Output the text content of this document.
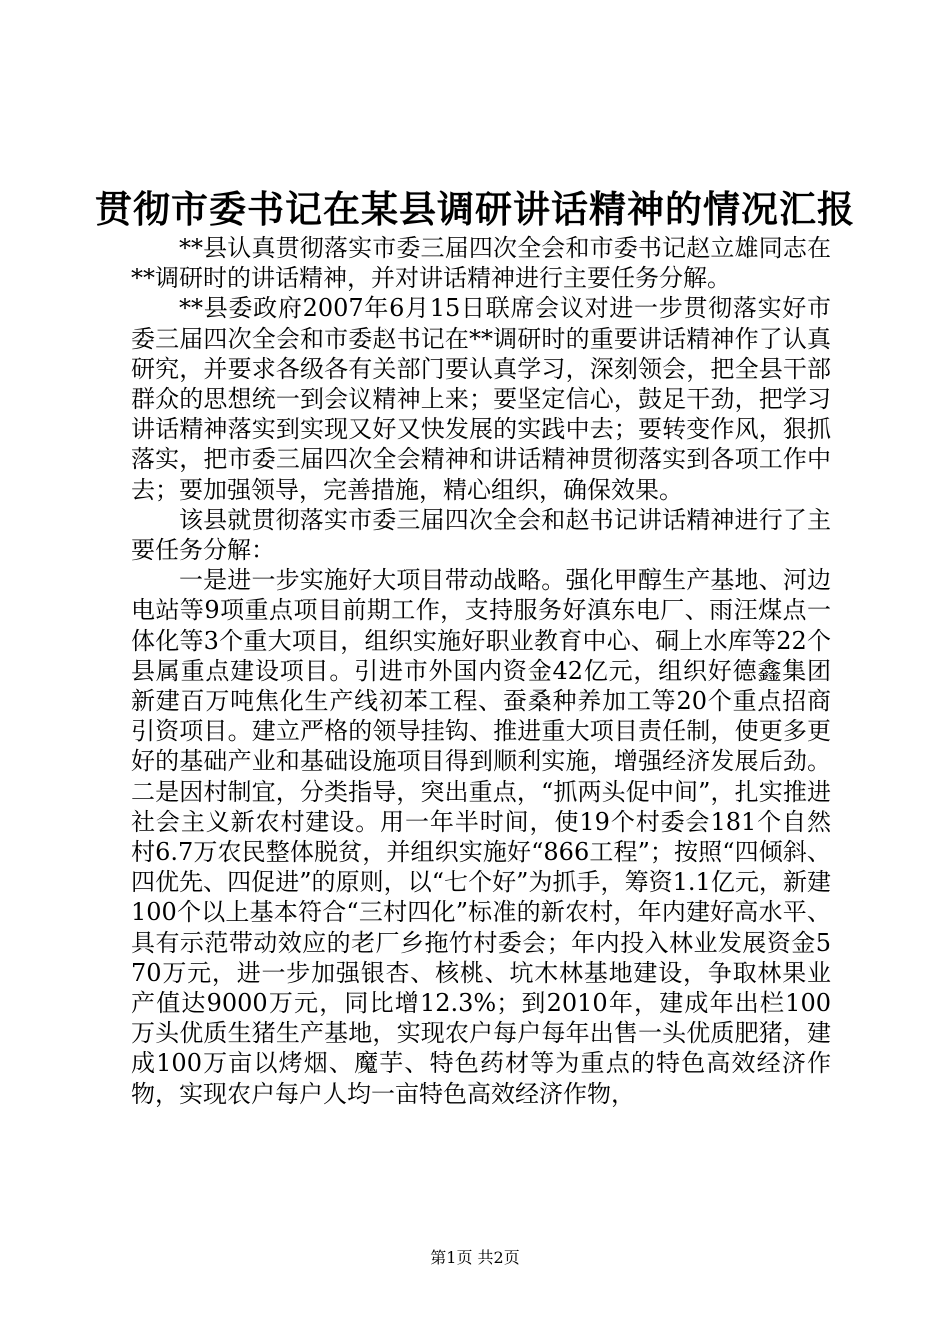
贯彻市委书记在某县调研讲话精神的情况汇报

**县认真贯彻落实市委三届四次全会和市委书记赵立雄同志在**调研时的讲话精神，并对讲话精神进行主要任务分解。

**县委政府2007年6月15日联席会议对进一步贯彻落实好市委三届四次全会和市委赵书记在**调研时的重要讲话精神作了认真研究，并要求各级各有关部门要认真学习，深刻领会，把全县干部群众的思想统一到会议精神上来；要坚定信心，鼓足干劲，把学习讲话精神落实到实现又好又快发展的实践中去；要转变作风，狠抓落实，把市委三届四次全会精神和讲话精神贯彻落实到各项工作中去；要加强领导，完善措施，精心组织，确保效果。

该县就贯彻落实市委三届四次全会和赵书记讲话精神进行了主要任务分解：

一是进一步实施好大项目带动战略。强化甲醇生产基地、河边电站等9项重点项目前期工作，支持服务好滇东电厂、雨汪煤点一体化等3个重大项目，组织实施好职业教育中心、硐上水库等22个县属重点建设项目。引进市外国内资金42亿元，组织好德鑫集团新建百万吨焦化生产线初苯工程、蚕桑种养加工等20个重点招商引资项目。建立严格的领导挂钩、推进重大项目责任制，使更多更好的基础产业和基础设施项目得到顺利实施，增强经济发展后劲。二是因村制宜，分类指导，突出重点，“抓两头促中间”，扎实推进社会主义新农村建设。用一年半时间，使19个村委会181个自然村6.7万农民整体脱贫，并组织实施好“866工程”；按照“四倾斜、四优先、四促进”的原则，以“七个好”为抓手，筹资1.1亿元，新建100个以上基本符合“三村四化”标准的新农村，年内建好高水平、具有示范带动效应的老厂乡拖竹村委会；年内投入林业发展资金570万元，进一步加强银杏、核桃、坑木林基地建设，争取林果业产值达9000万元，同比增12.3%；到2010年，建成年出栏100万头优质生猪生产基地，实现农户每户每年出售一头优质肥猪，建成100万亩以烤烟、魔芋、特色药材等为重点的特色高效经济作物，实现农户每户人均一亩特色高效经济作物，

第1页 共2页
